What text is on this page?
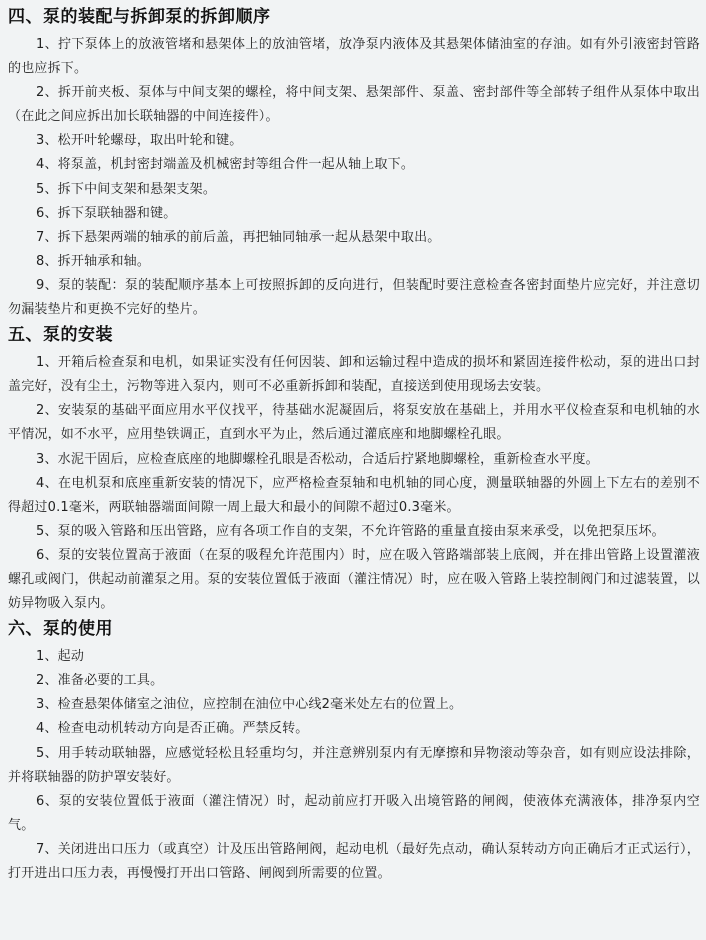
四、泵的装配与拆卸泵的拆卸顺序

1、拧下泵体上的放液管堵和悬架体上的放油管堵，放净泵内液体及其悬架体储油室的存油。如有外引液密封管路的也应拆下。

2、拆开前夹板、泵体与中间支架的螺栓，将中间支架、悬架部件、泵盖、密封部件等全部转子组件从泵体中取出（在此之间应拆出加长联轴器的中间连接件）。

3、松开叶轮螺母，取出叶轮和键。

4、将泵盖，机封密封端盖及机械密封等组合件一起从轴上取下。

5、拆下中间支架和悬架支架。

6、拆下泵联轴器和键。

7、拆下悬架两端的轴承的前后盖，再把轴同轴承一起从悬架中取出。

8、拆开轴承和轴。

9、泵的装配：泵的装配顺序基本上可按照拆卸的反向进行，但装配时要注意检查各密封面垫片应完好，并注意切勿漏装垫片和更换不完好的垫片。

五、泵的安装

1、开箱后检查泵和电机，如果证实没有任何因装、卸和运输过程中造成的损坏和紧固连接件松动，泵的进出口封盖完好，没有尘土，污物等进入泵内，则可不必重新拆卸和装配，直接送到使用现场去安装。

2、安装泵的基础平面应用水平仪找平，待基础水泥凝固后，将泵安放在基础上，并用水平仪检查泵和电机轴的水平情况，如不水平，应用垫铁调正，直到水平为止，然后通过灌底座和地脚螺栓孔眼。

3、水泥干固后，应检查底座的地脚螺栓孔眼是否松动，合适后拧紧地脚螺栓，重新检查水平度。

4、在电机泵和底座重新安装的情况下，应严格检查泵轴和电机轴的同心度，测量联轴器的外圆上下左右的差别不得超过0.1毫米，两联轴器端面间隙一周上最大和最小的间隙不超过0.3毫米。

5、泵的吸入管路和压出管路，应有各项工作自的支架，不允许管路的重量直接由泵来承受，以免把泵压坏。

6、泵的安装位置高于液面（在泵的吸程允许范围内）时，应在吸入管路端部装上底阀，并在排出管路上设置灌液螺孔或阀门，供起动前灌泵之用。泵的安装位置低于液面（灌注情况）时，应在吸入管路上装控制阀门和过滤装置，以妨异物吸入泵内。

六、泵的使用

1、起动

2、准备必要的工具。

3、检查悬架体储室之油位，应控制在油位中心线2毫米处左右的位置上。

4、检查电动机转动方向是否正确。严禁反转。

5、用手转动联轴器，应感觉轻松且轻重均匀，并注意辨别泵内有无摩擦和异物滚动等杂音，如有则应设法排除，并将联轴器的防护罩安装好。

6、泵的安装位置低于液面（灌注情况）时，起动前应打开吸入出境管路的闸阀，使液体充满液体，排净泵内空气。

7、关闭进出口压力（或真空）计及压出管路闸阀，起动电机（最好先点动，确认泵转动方向正确后才正式运行），打开进出口压力表，再慢慢打开出口管路、闸阀到所需要的位置。
